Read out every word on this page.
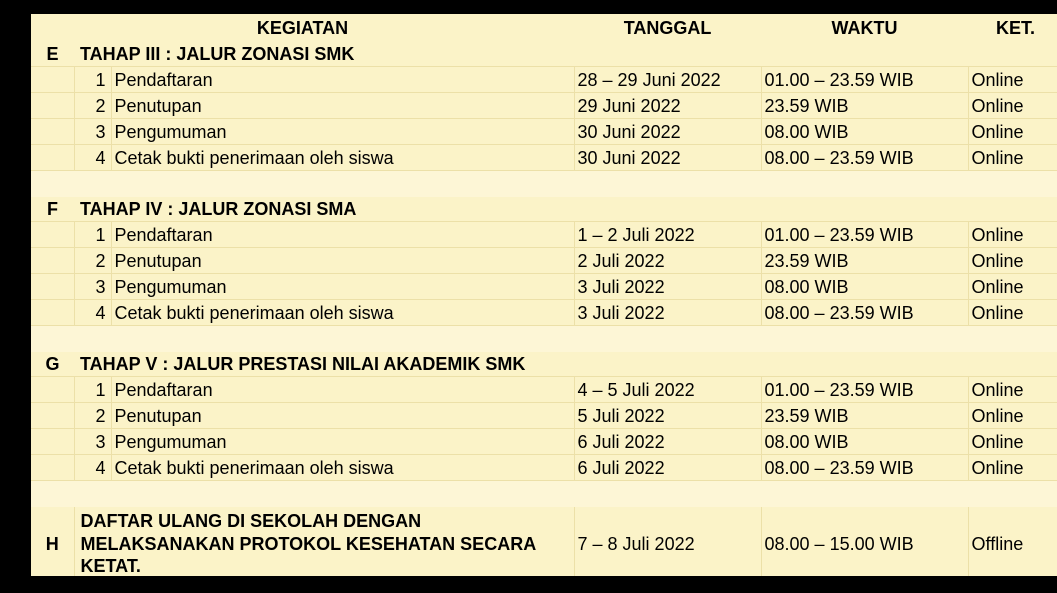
KEGIATAN			TANGGAL	WAKTU	KET.
E	TAHAP III : JALUR ZONASI SMK				
	1	Pendaftaran	28 – 29 Juni 2022	01.00 – 23.59 WIB	Online
	2	Penutupan	29 Juni 2022	23.59 WIB	Online
	3	Pengumuman	30 Juni 2022	08.00 WIB	Online
	4	Cetak bukti penerimaan oleh siswa	30 Juni 2022	08.00 – 23.59 WIB	Online

F	TAHAP IV : JALUR ZONASI SMA				
	1	Pendaftaran	1 – 2 Juli 2022	01.00 – 23.59 WIB	Online
	2	Penutupan	2 Juli 2022	23.59 WIB	Online
	3	Pengumuman	3 Juli 2022	08.00 WIB	Online
	4	Cetak bukti penerimaan oleh siswa	3 Juli 2022	08.00 – 23.59 WIB	Online

G	TAHAP V : JALUR PRESTASI NILAI AKADEMIK SMK				
	1	Pendaftaran	4 – 5 Juli 2022	01.00 – 23.59 WIB	Online
	2	Penutupan	5 Juli 2022	23.59 WIB	Online
	3	Pengumuman	6 Juli 2022	08.00 WIB	Online
	4	Cetak bukti penerimaan oleh siswa	6 Juli 2022	08.00 – 23.59 WIB	Online

H	DAFTAR ULANG DI SEKOLAH DENGAN MELAKSANAKAN PROTOKOL KESEHATAN SECARA KETAT.		7 – 8 Juli 2022	08.00 – 15.00 WIB	Offline
